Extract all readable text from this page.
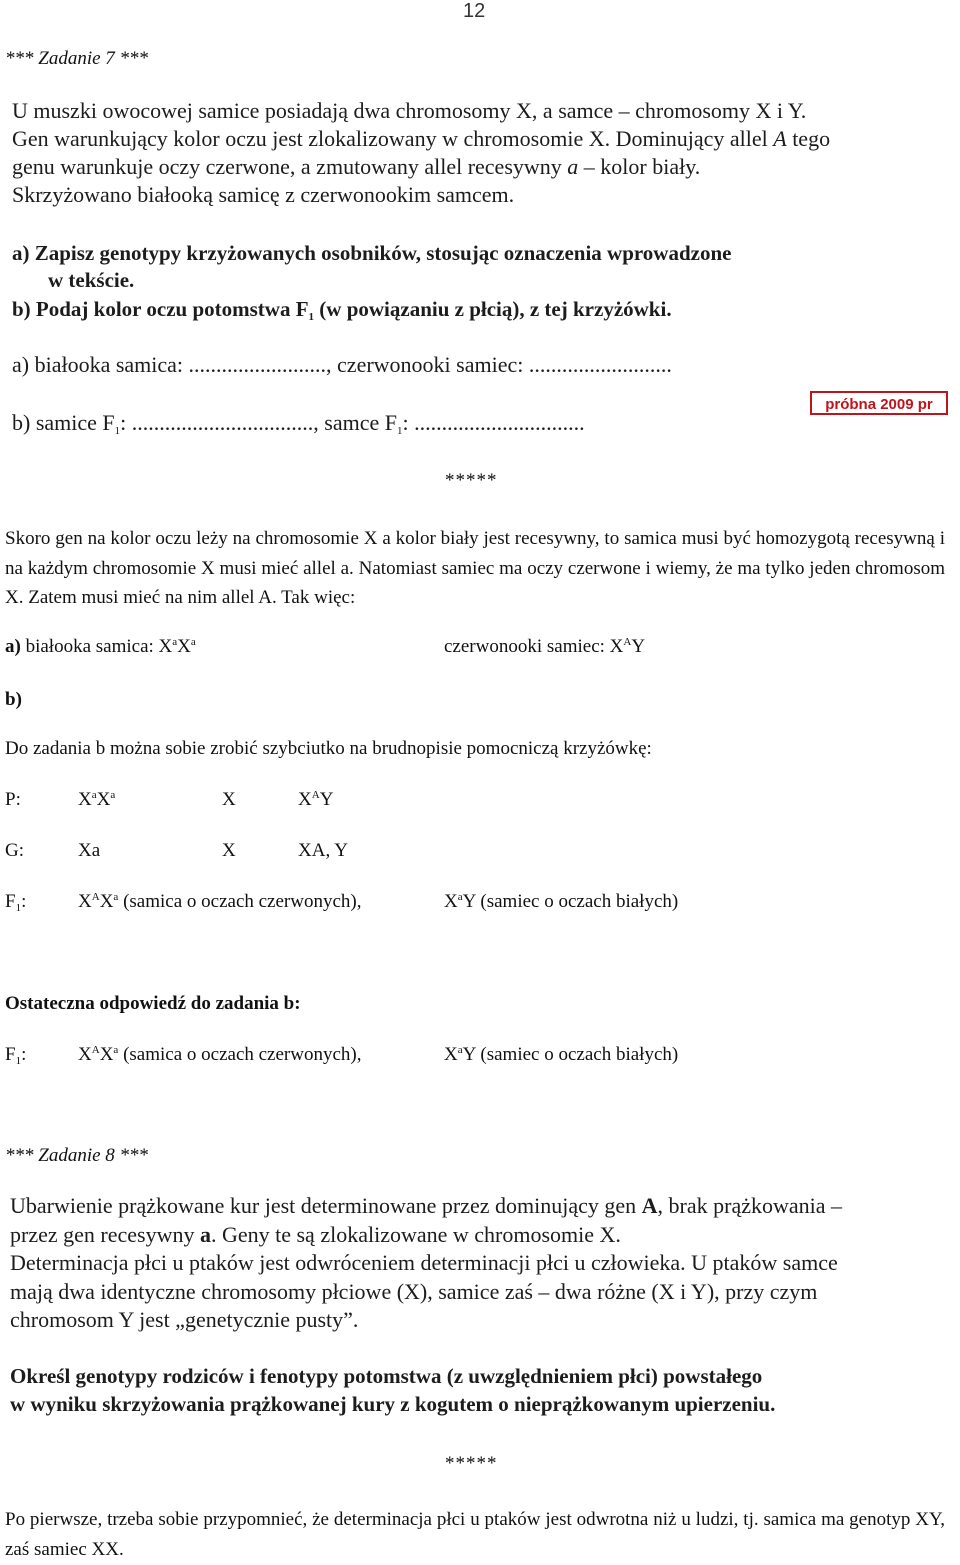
12
*** Zadanie 7 ***
U muszki owocowej samice posiadają dwa chromosomy X, a samce – chromosomy X i Y.
Gen warunkujący kolor oczu jest zlokalizowany w chromosomie X. Dominujący allel A tego
genu warunkuje oczy czerwone, a zmutowany allel recesywny a – kolor biały.
Skrzyżowano białooką samicę z czerwonookim samcem.
a) Zapisz genotypy krzyżowanych osobników, stosując oznaczenia wprowadzone
w tekście.
b) Podaj kolor oczu potomstwa $F_1$ (w powiązaniu z płcią), z tej krzyżówki.
a) białooka samica: ........................., czerwonooki samiec: ..........................
próbna 2009 pr
b) samice $F_1$: ................................., samce $F_1$: ...............................
*****
Skoro gen na kolor oczu leży na chromosomie X a kolor biały jest recesywny, to samica musi być homozygotą recesywną i na każdym chromosomie X musi mieć allel a. Natomiast samiec ma oczy czerwone i wiemy, że ma tylko jeden chromosom X. Zatem musi mieć na nim allel A. Tak więc:
a) białooka samica: $X^aX^a$	czerwonooki samiec: $X^AY$
b)
Do zadania b można sobie zrobić szybciutko na brudnopisie pomocniczą krzyżówkę:
P:	$X^aX^a$	X	$X^AY$
G:	Xa	X	XA, Y
$F_1$:	$X^AX^a$ (samica o oczach czerwonych),	$X^aY$ (samiec o oczach białych)
Ostateczna odpowiedź do zadania b:
$F_1$:	$X^AX^a$ (samica o oczach czerwonych),	$X^aY$ (samiec o oczach białych)
*** Zadanie 8 ***
Ubarwienie prążkowane kur jest determinowane przez dominujący gen A, brak prążkowania –
przez gen recesywny a. Geny te są zlokalizowane w chromosomie X.
Determinacja płci u ptaków jest odwróceniem determinacji płci u człowieka. U ptaków samce
mają dwa identyczne chromosomy płciowe (X), samice zaś – dwa różne (X i Y), przy czym
chromosom Y jest „genetycznie pusty”.
Określ genotypy rodziców i fenotypy potomstwa (z uwzględnieniem płci) powstałego
w wyniku skrzyżowania prążkowanej kury z kogutem o nieprążkowanym upierzeniu.
*****
Po pierwsze, trzeba sobie przypomnieć, że determinacja płci u ptaków jest odwrotna niż u ludzi, tj. samica ma genotyp XY, zaś samiec XX.
